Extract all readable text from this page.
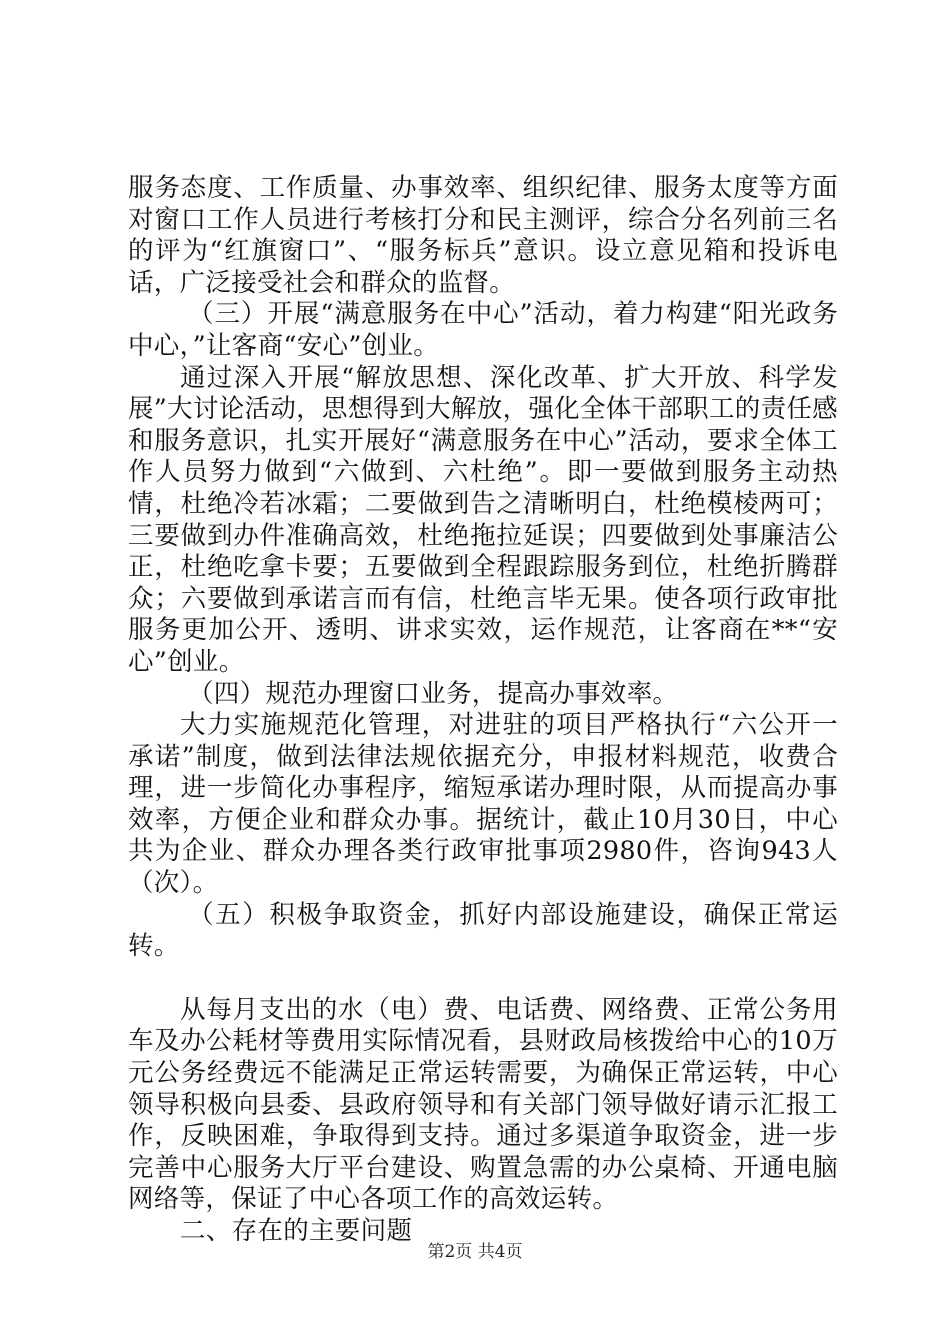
服务态度、工作质量、办事效率、组织纪律、服务太度等方面对窗口工作人员进行考核打分和民主测评，综合分名列前三名的评为“红旗窗口”、“服务标兵”意识。设立意见箱和投诉电话，广泛接受社会和群众的监督。

（三）开展“满意服务在中心”活动，着力构建“阳光政务中心，”让客商“安心”创业。

通过深入开展“解放思想、深化改革、扩大开放、科学发展”大讨论活动，思想得到大解放，强化全体干部职工的责任感和服务意识，扎实开展好“满意服务在中心”活动，要求全体工作人员努力做到“六做到、六杜绝”。即一要做到服务主动热情，杜绝冷若冰霜；二要做到告之清晰明白，杜绝模棱两可；三要做到办件准确高效，杜绝拖拉延误；四要做到处事廉洁公正，杜绝吃拿卡要；五要做到全程跟踪服务到位，杜绝折腾群众；六要做到承诺言而有信，杜绝言毕无果。使各项行政审批服务更加公开、透明、讲求实效，运作规范，让客商在**“安心”创业。

（四）规范办理窗口业务，提高办事效率。

大力实施规范化管理，对进驻的项目严格执行“六公开一承诺”制度，做到法律法规依据充分，申报材料规范，收费合理，进一步简化办事程序，缩短承诺办理时限，从而提高办事效率，方便企业和群众办事。据统计，截止10月30日，中心共为企业、群众办理各类行政审批事项2980件，咨询943人（次）。

（五）积极争取资金，抓好内部设施建设，确保正常运转。

从每月支出的水（电）费、电话费、网络费、正常公务用车及办公耗材等费用实际情况看，县财政局核拨给中心的10万元公务经费远不能满足正常运转需要，为确保正常运转，中心领导积极向县委、县政府领导和有关部门领导做好请示汇报工作，反映困难，争取得到支持。通过多渠道争取资金，进一步完善中心服务大厅平台建设、购置急需的办公桌椅、开通电脑网络等，保证了中心各项工作的高效运转。

二、存在的主要问题

第2页 共4页
